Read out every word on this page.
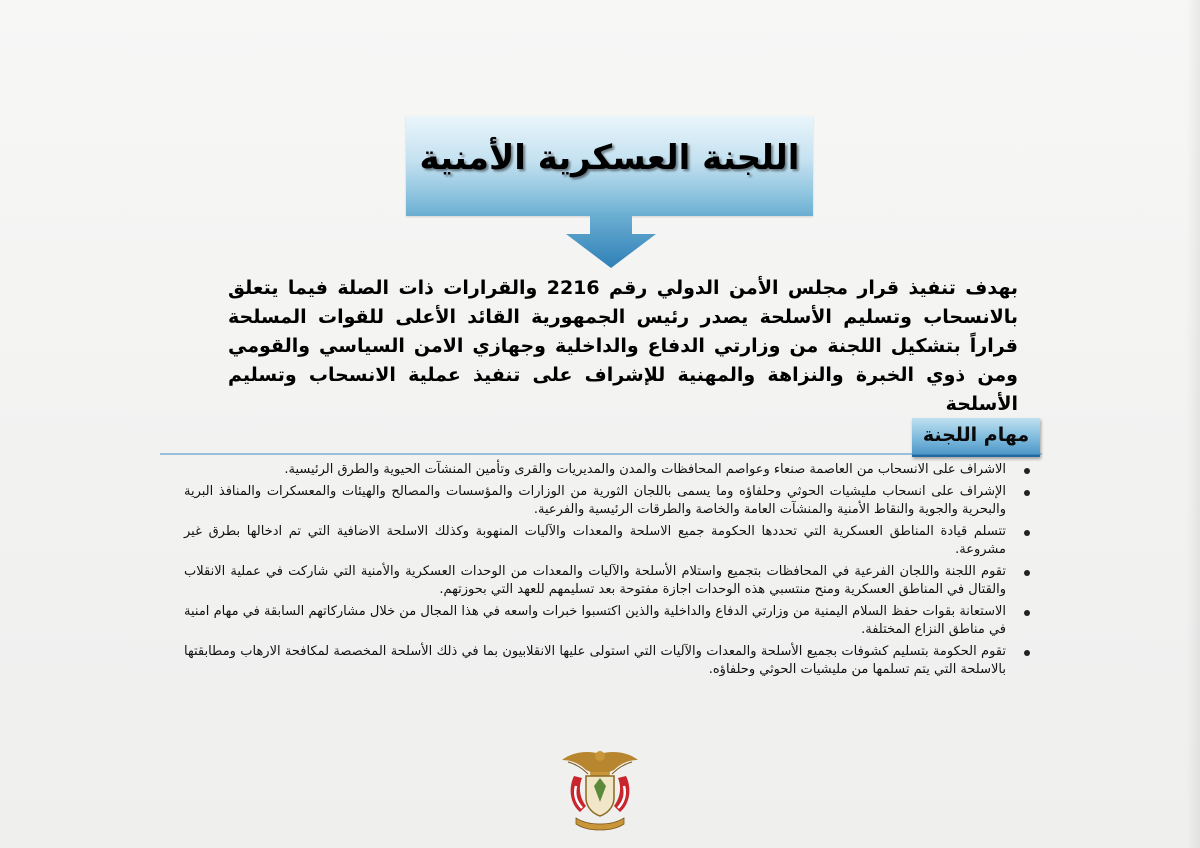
اللجنة العسكرية الأمنية
بهدف تنفيذ قرار مجلس الأمن الدولي رقم 2216 والقرارات ذات الصلة فيما يتعلق بالانسحاب وتسليم الأسلحة يصدر رئيس الجمهورية القائد الأعلى للقوات المسلحة قراراً بتشكيل اللجنة من وزارتي الدفاع والداخلية وجهازي الامن السياسي والقومي ومن ذوي الخبرة والنزاهة والمهنية للإشراف على تنفيذ عملية الانسحاب وتسليم الأسلحة
مهام اللجنة
الاشراف على الانسحاب من العاصمة صنعاء وعواصم المحافظات والمدن والمديريات والقرى وتأمين المنشآت الحيوية والطرق الرئيسية.
الإشراف على انسحاب مليشيات الحوثي وحلفاؤه وما يسمى باللجان الثورية من الوزارات والمؤسسات والمصالح والهيئات والمعسكرات والمنافذ البرية والبحرية والجوية والنقاط الأمنية والمنشآت العامة والخاصة والطرقات الرئيسية والفرعية.
تتسلم قيادة المناطق العسكرية التي تحددها الحكومة جميع الاسلحة والمعدات والآليات المنهوبة وكذلك الاسلحة الاضافية التي تم ادخالها بطرق غير مشروعة.
تقوم اللجنة واللجان الفرعية في المحافظات بتجميع واستلام الأسلحة والآليات والمعدات من الوحدات العسكرية والأمنية التي شاركت في عملية الانقلاب والقتال في المناطق العسكرية ومنح منتسبي هذه الوحدات اجازة مفتوحة بعد تسليمهم للعهد التي بحوزتهم.
الاستعانة بقوات حفظ السلام اليمنية من وزارتي الدفاع والداخلية والذين اكتسبوا خبرات واسعه في هذا المجال من خلال مشاركاتهم السابقة في مهام امنية في مناطق النزاع المختلفة.
تقوم الحكومة بتسليم كشوفات بجميع الأسلحة والمعدات والآليات التي استولى عليها الانقلابيون بما في ذلك الأسلحة المخصصة لمكافحة الارهاب ومطابقتها بالاسلحة التي يتم تسلمها من مليشيات الحوثي وحلفاؤه.
